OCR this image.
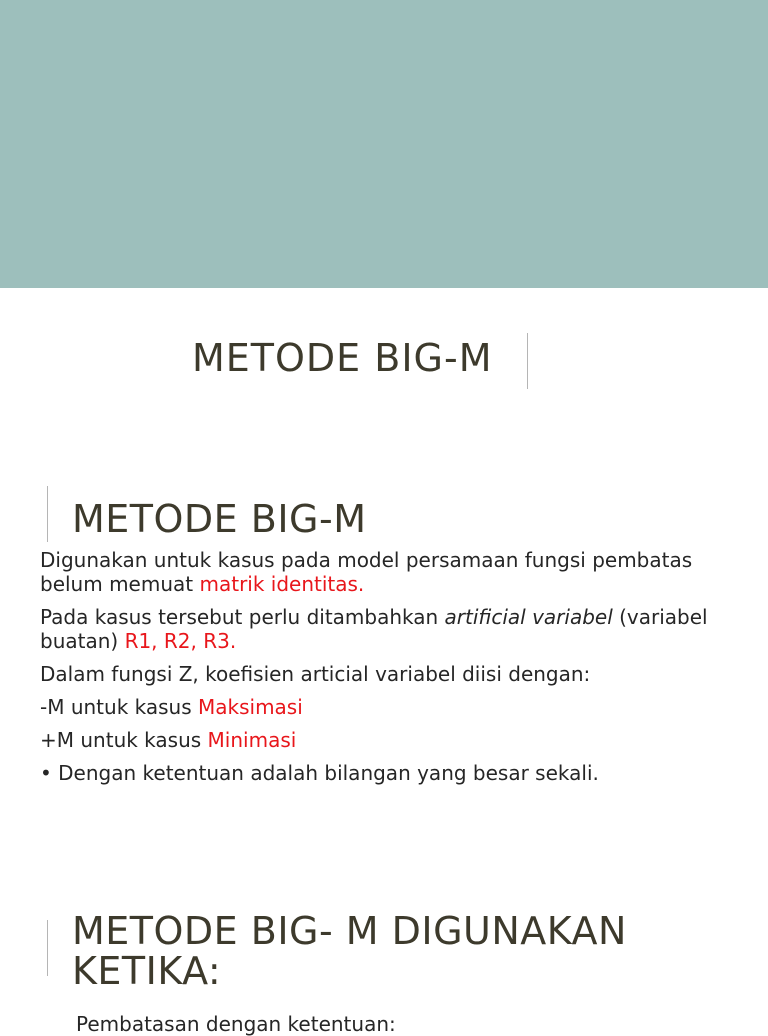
METODE BIG-M
METODE BIG-M

Digunakan untuk kasus pada model persamaan fungsi pembatas belum memuat matrik identitas.

Pada kasus tersebut perlu ditambahkan artificial variabel (variabel buatan) R1, R2, R3.

Dalam fungsi Z, koefisien articial variabel diisi dengan:

-M untuk kasus Maksimasi

+M untuk kasus Minimasi

• Dengan ketentuan adalah bilangan yang besar sekali.

METODE BIG- M DIGUNAKAN
KETIKA:
Pembatasan dengan ketentuan:
